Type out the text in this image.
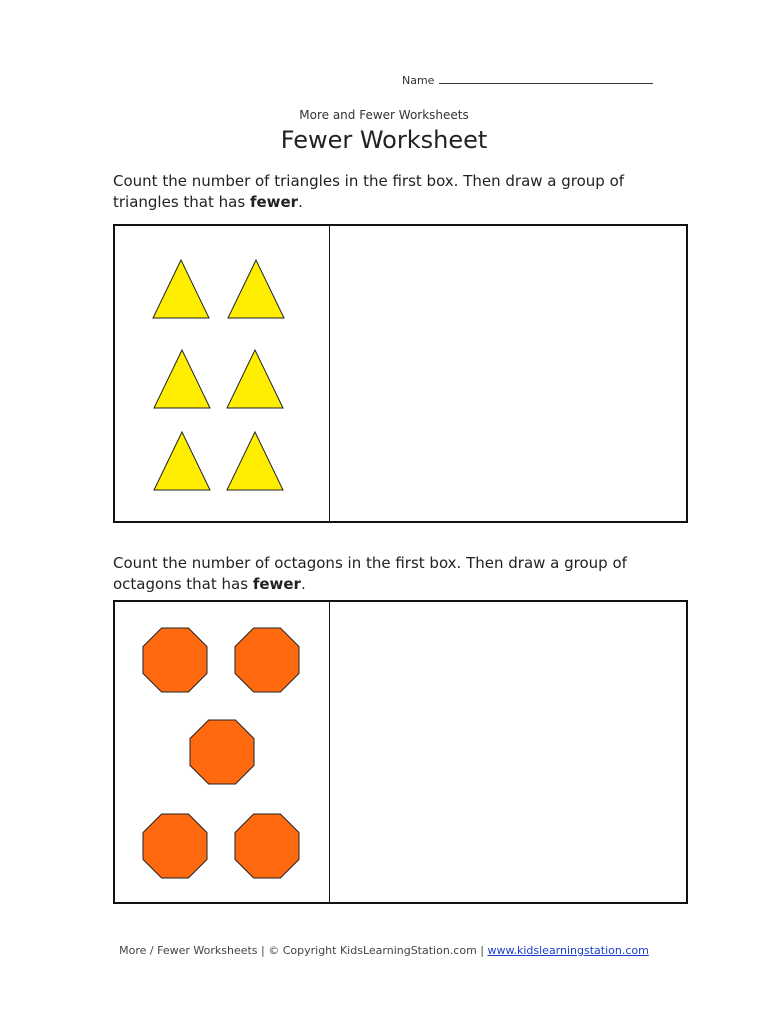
Name
More and Fewer Worksheets
Fewer Worksheet
Count the number of triangles in the first box. Then draw a group of triangles that has fewer.
Count the number of octagons in the first box. Then draw a group of octagons that has fewer.
More / Fewer Worksheets | © Copyright KidsLearningStation.com | www.kidslearningstation.com
